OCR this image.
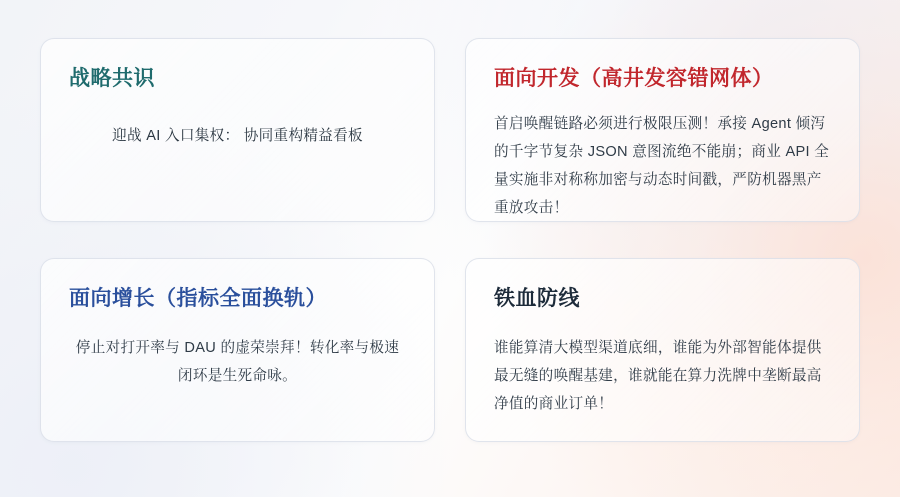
战略共识
迎战 AI 入口集权： 协同重构精益看板
面向开发（高井发容错网体）
首启唤醒链路必须进行极限压测！承接 Agent 倾泻的千字节复杂 JSON 意图流绝不能崩；商业 API 全量实施非对称称加密与动态时间戳，严防机器黑产重放攻击！
面向增长（指标全面换轨）
停止对打开率与 DAU 的虚荣崇拜！转化率与极速闭环是生死命咏。
铁血防线
谁能算清大模型渠道底细，谁能为外部智能体提供最无缝的唤醒基建，谁就能在算力洗牌中垄断最高净值的商业订单！
